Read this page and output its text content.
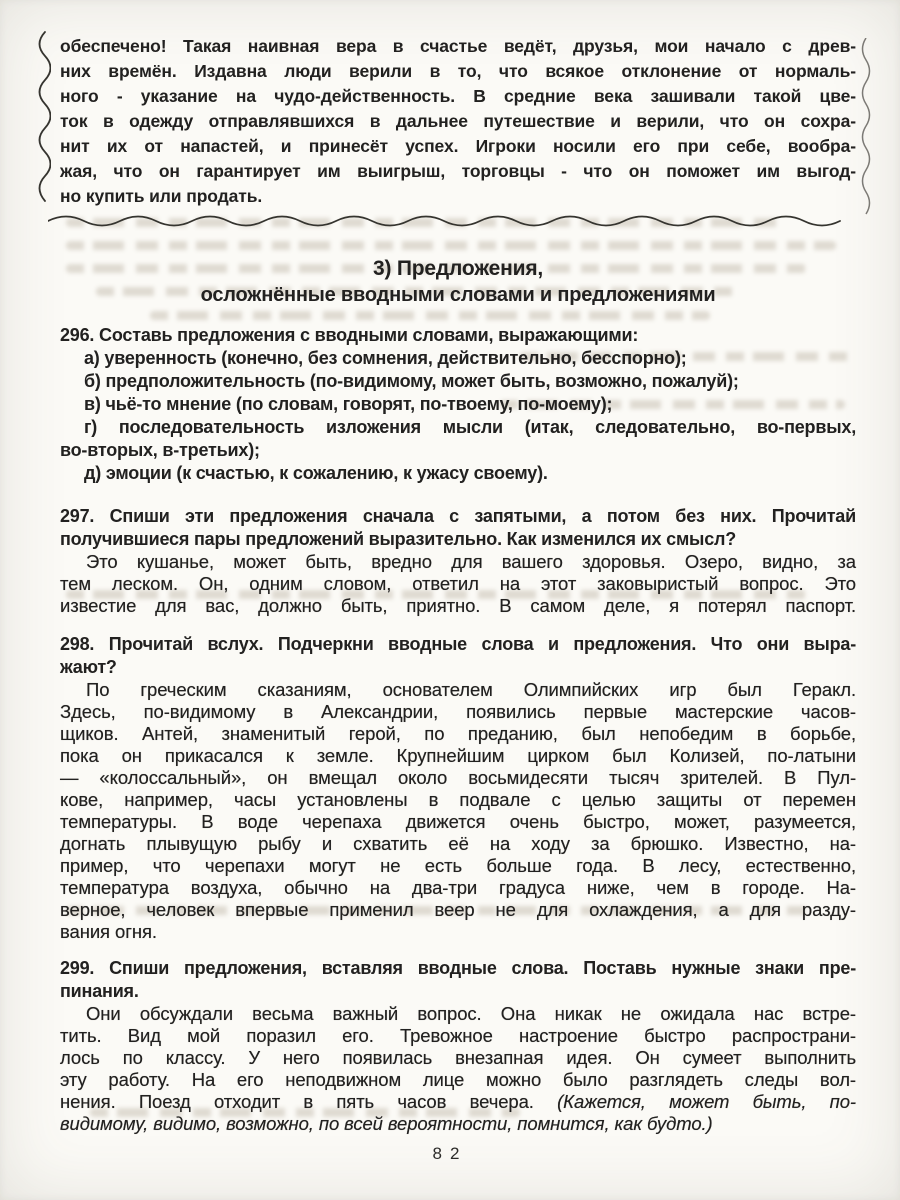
обеспечено! Такая наивная вера в счастье ведёт, друзья, мои начало с древ-
них времён. Издавна люди верили в то, что всякое отклонение от нормаль-
ного - указание на чудо-действенность. В средние века зашивали такой цве-
ток в одежду отправлявшихся в дальнее путешествие и верили, что он сохра-
нит их от напастей, и принесёт успех. Игроки носили его при себе, вообра-
жая, что он гарантирует им выигрыш, торговцы - что он поможет им выгод-
но купить или продать.
3) Предложения,
осложнённые вводными словами и предложениями
296. Составь предложения с вводными словами, выражающими:
а) уверенность (конечно, без сомнения, действительно, бесспорно);
б) предположительность (по-видимому, может быть, возможно, пожалуй);
в) чьё-то мнение (по словам, говорят, по-твоему, по-моему);
г) последовательность изложения мысли (итак, следовательно, во-первых,
во-вторых, в-третьих);
д) эмоции (к счастью, к сожалению, к ужасу своему).
297. Спиши эти предложения сначала с запятыми, а потом без них. Прочитай
получившиеся пары предложений выразительно. Как изменился их смысл?
Это кушанье, может быть, вредно для вашего здоровья. Озеро, видно, за
тем леском. Он, одним словом, ответил на этот заковыристый вопрос. Это
известие для вас, должно быть, приятно. В самом деле, я потерял паспорт.
298. Прочитай вслух. Подчеркни вводные слова и предложения. Что они выра-
жают?
По греческим сказаниям, основателем Олимпийских игр был Геракл.
Здесь, по-видимому в Александрии, появились первые мастерские часов-
щиков. Антей, знаменитый герой, по преданию, был непобедим в борьбе,
пока он прикасался к земле. Крупнейшим цирком был Колизей, по-латыни
— «колоссальный», он вмещал около восьмидесяти тысяч зрителей. В Пул-
кове, например, часы установлены в подвале с целью защиты от перемен
температуры. В воде черепаха движется очень быстро, может, разумеется,
догнать плывущую рыбу и схватить её на ходу за брюшко. Известно, на-
пример, что черепахи могут не есть больше года. В лесу, естественно,
температура воздуха, обычно на два-три градуса ниже, чем в городе. На-
верное, человек впервые применил веер не для охлаждения, а для разду-
вания огня.
299. Спиши предложения, вставляя вводные слова. Поставь нужные знаки пре-
пинания.
Они обсуждали весьма важный вопрос. Она никак не ожидала нас встре-
тить. Вид мой поразил его. Тревожное настроение быстро распространи-
лось по классу. У него появилась внезапная идея. Он сумеет выполнить
эту работу. На его неподвижном лице можно было разглядеть следы вол-
нения. Поезд отходит в пять часов вечера. (Кажется, может быть, по-
видимому, видимо, возможно, по всей вероятности, помнится, как будто.)
82
